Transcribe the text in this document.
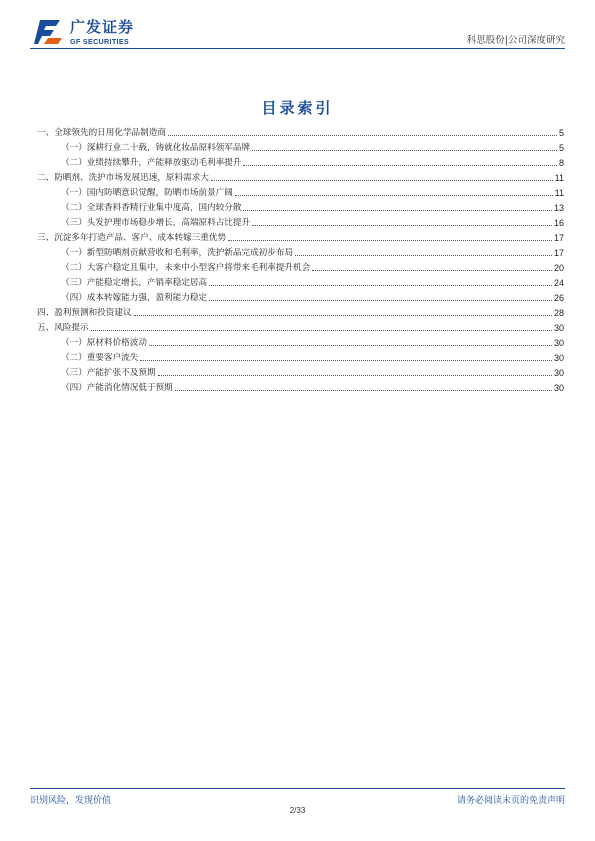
广发证券
GF SECURITIES	科思股份|公司深度研究
目录索引
一、全球领先的日用化学品制造商	5
（一）深耕行业二十载，铸就化妆品原料领军品牌	5
（二）业绩持续攀升，产能释放驱动毛利率提升	8
二、防晒剂、洗护市场发展迅速，原料需求大	11
（一）国内防晒意识觉醒，防晒市场前景广阔	11
（二）全球香料香精行业集中度高，国内较分散	13
（三）头发护理市场稳步增长，高端原料占比提升	16
三、沉淀多年打造产品、客户、成本转嫁三重优势	17
（一）新型防晒剂贡献营收和毛利率，洗护新品完成初步布局	17
（二）大客户稳定且集中，未来中小型客户将带来毛利率提升机会	20
（三）产能稳定增长，产销率稳定居高	24
（四）成本转嫁能力强，盈利能力稳定	26
四、盈利预测和投资建议	28
五、风险提示	30
（一）原材料价格波动	30
（二）重要客户流失	30
（三）产能扩张不及预期	30
（四）产能消化情况低于预期	30
识别风险，发现价值	请务必阅读末页的免责声明
2/33
